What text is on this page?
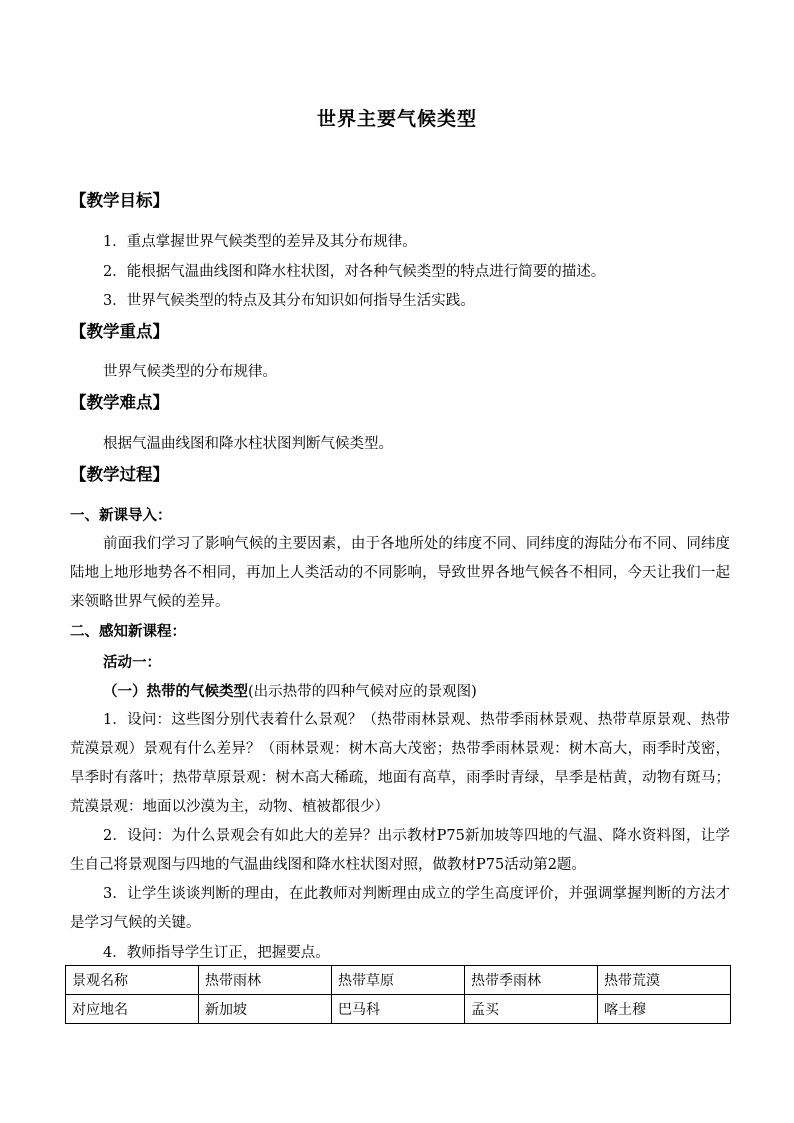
世界主要气候类型
【教学目标】
1．重点掌握世界气候类型的差异及其分布规律。
2．能根据气温曲线图和降水柱状图，对各种气候类型的特点进行简要的描述。
3．世界气候类型的特点及其分布知识如何指导生活实践。
【教学重点】
世界气候类型的分布规律。
【教学难点】
根据气温曲线图和降水柱状图判断气候类型。
【教学过程】
一、新课导入：
前面我们学习了影响气候的主要因素，由于各地所处的纬度不同、同纬度的海陆分布不同、同纬度陆地上地形地势各不相同，再加上人类活动的不同影响，导致世界各地气候各不相同，今天让我们一起来领略世界气候的差异。
二、感知新课程：
活动一：
（一）热带的气候类型(出示热带的四种气候对应的景观图)
1．设问：这些图分别代表着什么景观？（热带雨林景观、热带季雨林景观、热带草原景观、热带荒漠景观）景观有什么差异？（雨林景观：树木高大茂密；热带季雨林景观：树木高大，雨季时茂密，旱季时有落叶；热带草原景观：树木高大稀疏，地面有高草，雨季时青绿，旱季是枯黄，动物有斑马；荒漠景观：地面以沙漠为主，动物、植被都很少）
2．设问：为什么景观会有如此大的差异？出示教材P75新加坡等四地的气温、降水资料图，让学生自己将景观图与四地的气温曲线图和降水柱状图对照，做教材P75活动第2题。
3．让学生谈谈判断的理由，在此教师对判断理由成立的学生高度评价，并强调掌握判断的方法才是学习气候的关键。
4．教师指导学生订正，把握要点。
景观名称	热带雨林	热带草原	热带季雨林	热带荒漠
对应地名	新加坡	巴马科	孟买	喀土穆
